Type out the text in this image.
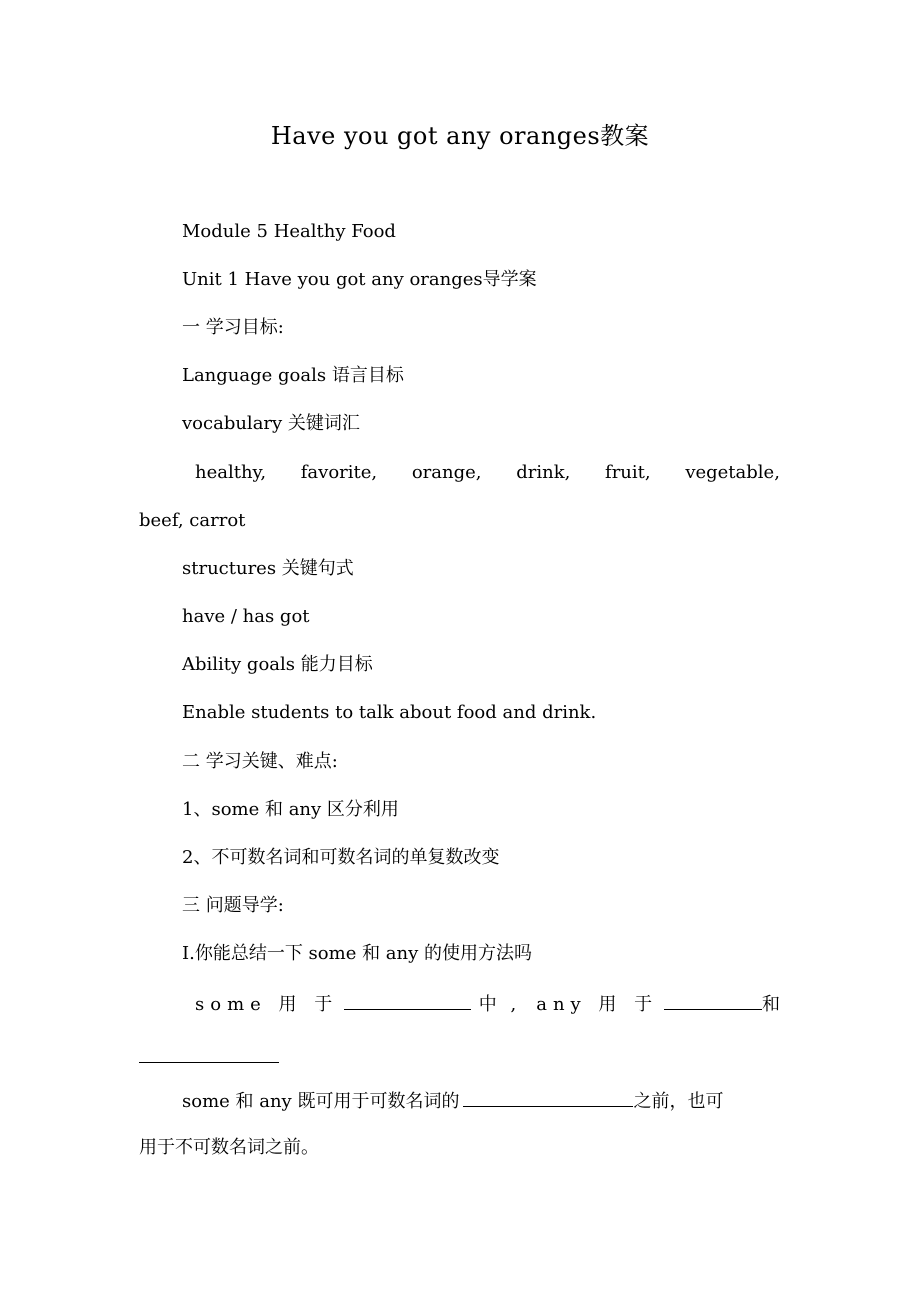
Have you got any oranges教案
Module 5 Healthy Food
Unit 1 Have you got any oranges导学案
一 学习目标:
Language goals 语言目标
vocabulary 关键词汇
healthy, favorite, orange, drink, fruit, vegetable,
beef, carrot
structures 关键句式
have / has got
Ability goals 能力目标
Enable students to talk about food and drink.
二 学习关键、难点:
1、some 和 any 区分利用
2、不可数名词和可数名词的单复数改变
三 问题导学:
I.你能总结一下 some 和 any 的使用方法吗
some 用 于	中 , any 用 于	和
some 和 any 既可用于可数名词的	之前，也可
用于不可数名词之前。
